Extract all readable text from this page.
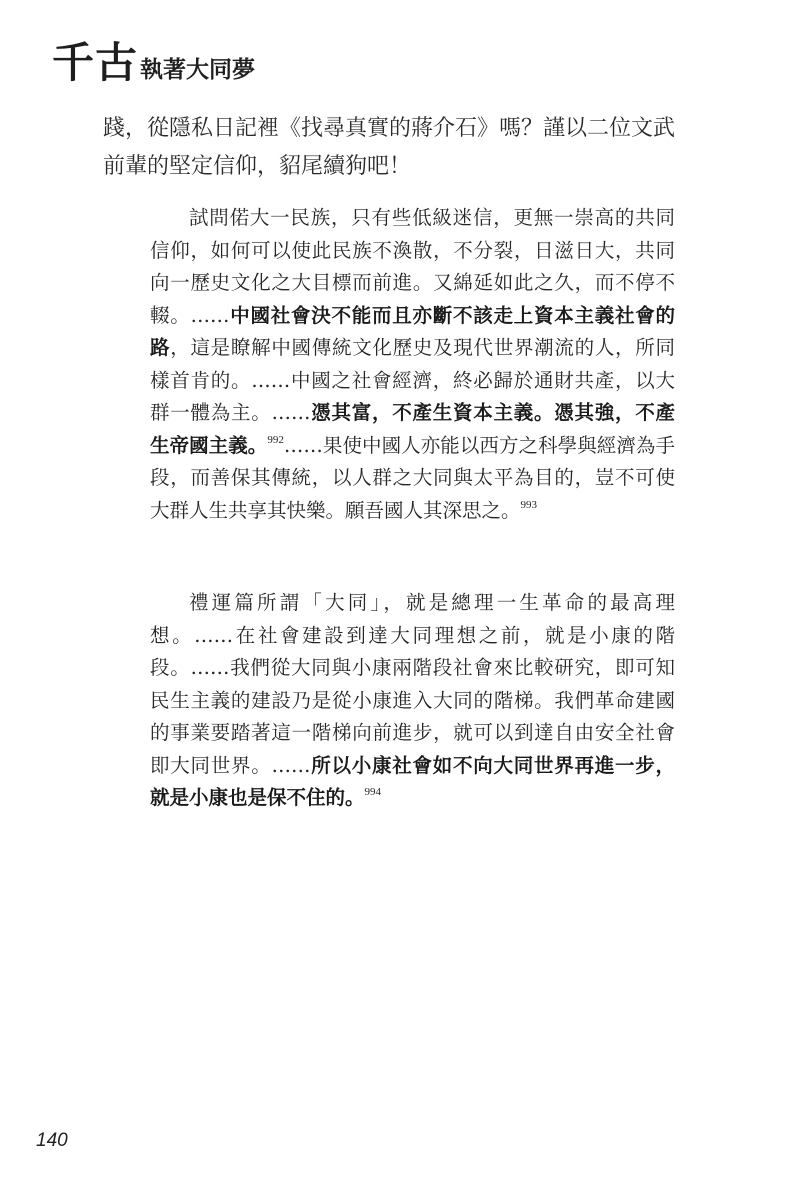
千古執著大同夢

踐，從隱私日記裡《找尋真實的蔣介石》嗎？謹以二位文武前輩的堅定信仰，貂尾續狗吧！

試問偌大一民族，只有些低級迷信，更無一崇高的共同信仰，如何可以使此民族不渙散，不分裂，日滋日大，共同向一歷史文化之大目標而前進。又綿延如此之久，而不停不輟。……中國社會決不能而且亦斷不該走上資本主義社會的路，這是瞭解中國傳統文化歷史及現代世界潮流的人，所同樣首肯的。……中國之社會經濟，終必歸於通財共產，以大群一體為主。……憑其富，不產生資本主義。憑其強，不產生帝國主義。$^{992}$……果使中國人亦能以西方之科學與經濟為手段，而善保其傳統，以人群之大同與太平為目的，豈不可使大群人生共享其快樂。願吾國人其深思之。$^{993}$

禮運篇所謂「大同」，就是總理一生革命的最高理想。……在社會建設到達大同理想之前，就是小康的階段。……我們從大同與小康兩階段社會來比較研究，即可知民生主義的建設乃是從小康進入大同的階梯。我們革命建國的事業要踏著這一階梯向前進步，就可以到達自由安全社會即大同世界。……所以小康社會如不向大同世界再進一步，就是小康也是保不住的。$^{994}$

140
